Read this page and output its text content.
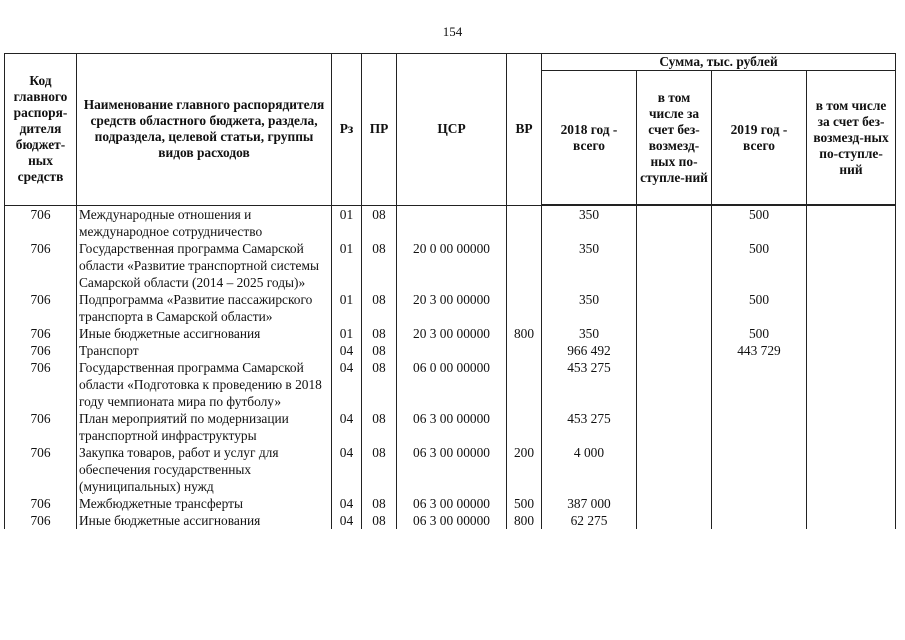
154
Код главного распоря-дителя бюджет-ных средств	Наименование главного распорядителя средств областного бюджета, раздела, подраздела, целевой статьи, группы видов расходов	Рз	ПР	ЦСР	ВР	Сумма, тыс. рублей			
						2018 год - всего	в том числе за счет без-возмезд-ных по-ступле-ний	2019 год - всего	в том числе за счет без-возмезд-ных по-ступле-ний
706	Международные отношения и международное сотрудничество	01	08			350		500	
706	Государственная программа Самарской области «Развитие транспортной системы Самарской области (2014 – 2025 годы)»	01	08	20 0 00 00000		350		500	
706	Подпрограмма «Развитие пассажирского транспорта в Самарской области»	01	08	20 3 00 00000		350		500	
706	Иные бюджетные ассигнования	01	08	20 3 00 00000	800	350		500	
706	Транспорт	04	08			966 492		443 729	
706	Государственная программа Самарской области «Подготовка к проведению в 2018 году чемпионата мира по футболу»	04	08	06 0 00 00000		453 275			
706	План мероприятий по модернизации транспортной инфраструктуры	04	08	06 3 00 00000		453 275			
706	Закупка товаров, работ и услуг для обеспечения государственных (муниципальных) нужд	04	08	06 3 00 00000	200	4 000			
706	Межбюджетные трансферты	04	08	06 3 00 00000	500	387 000			
706	Иные бюджетные ассигнования	04	08	06 3 00 00000	800	62 275			
